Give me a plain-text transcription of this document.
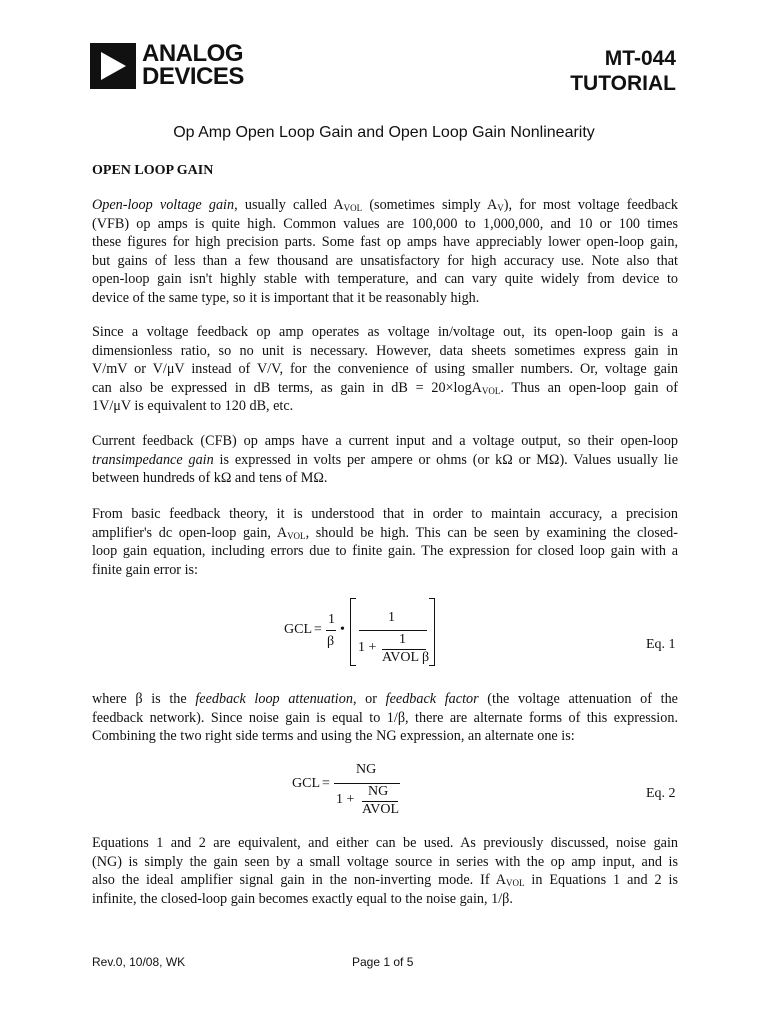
ANALOG
DEVICES
MT-044
TUTORIAL
Op Amp Open Loop Gain and Open Loop Gain Nonlinearity
OPEN LOOP GAIN
Open-loop voltage gain, usually called $A_{VOL}$ (sometimes simply $A_V$), for most voltage feedback
(VFB) op amps is quite high. Common values are 100,000 to 1,000,000, and 10 or 100 times
these figures for high precision parts. Some fast op amps have appreciably lower open-loop gain,
but gains of less than a few thousand are unsatisfactory for high accuracy use. Note also that
open-loop gain isn't highly stable with temperature, and can vary quite widely from device to
device of the same type, so it is important that it be reasonably high.
Since a voltage feedback op amp operates as voltage in/voltage out, its open-loop gain is a
dimensionless ratio, so no unit is necessary. However, data sheets sometimes express gain in
V/mV or V/μV instead of V/V, for the convenience of using smaller numbers. Or, voltage gain
can also be expressed in dB terms, as gain in dB = 20×logA$_{VOL}$. Thus an open-loop gain of
1V/μV is equivalent to 120 dB, etc.
Current feedback (CFB) op amps have a current input and a voltage output, so their open-loop
transimpedance gain is expressed in volts per ampere or ohms (or kΩ or MΩ). Values usually lie
between hundreds of kΩ and tens of MΩ.
From basic feedback theory, it is understood that in order to maintain accuracy, a precision
amplifier's dc open-loop gain, $A_{VOL}$, should be high. This can be seen by examining the closed-
loop gain equation, including errors due to finite gain. The expression for closed loop gain with a
finite gain error is:
GCL =
1
β
•
1
1 +
1
AVOL β
Eq. 1
where β is the feedback loop attenuation, or feedback factor (the voltage attenuation of the
feedback network). Since noise gain is equal to 1/β, there are alternate forms of this expression.
Combining the two right side terms and using the NG expression, an alternate one is:
GCL =
NG
1 +
NG
AVOL
Eq. 2
Equations 1 and 2 are equivalent, and either can be used. As previously discussed, noise gain
(NG) is simply the gain seen by a small voltage source in series with the op amp input, and is
also the ideal amplifier signal gain in the non-inverting mode. If $A_{VOL}$ in Equations 1 and 2 is
infinite, the closed-loop gain becomes exactly equal to the noise gain, 1/β.
Rev.0, 10/08, WK	Page 1 of 5
